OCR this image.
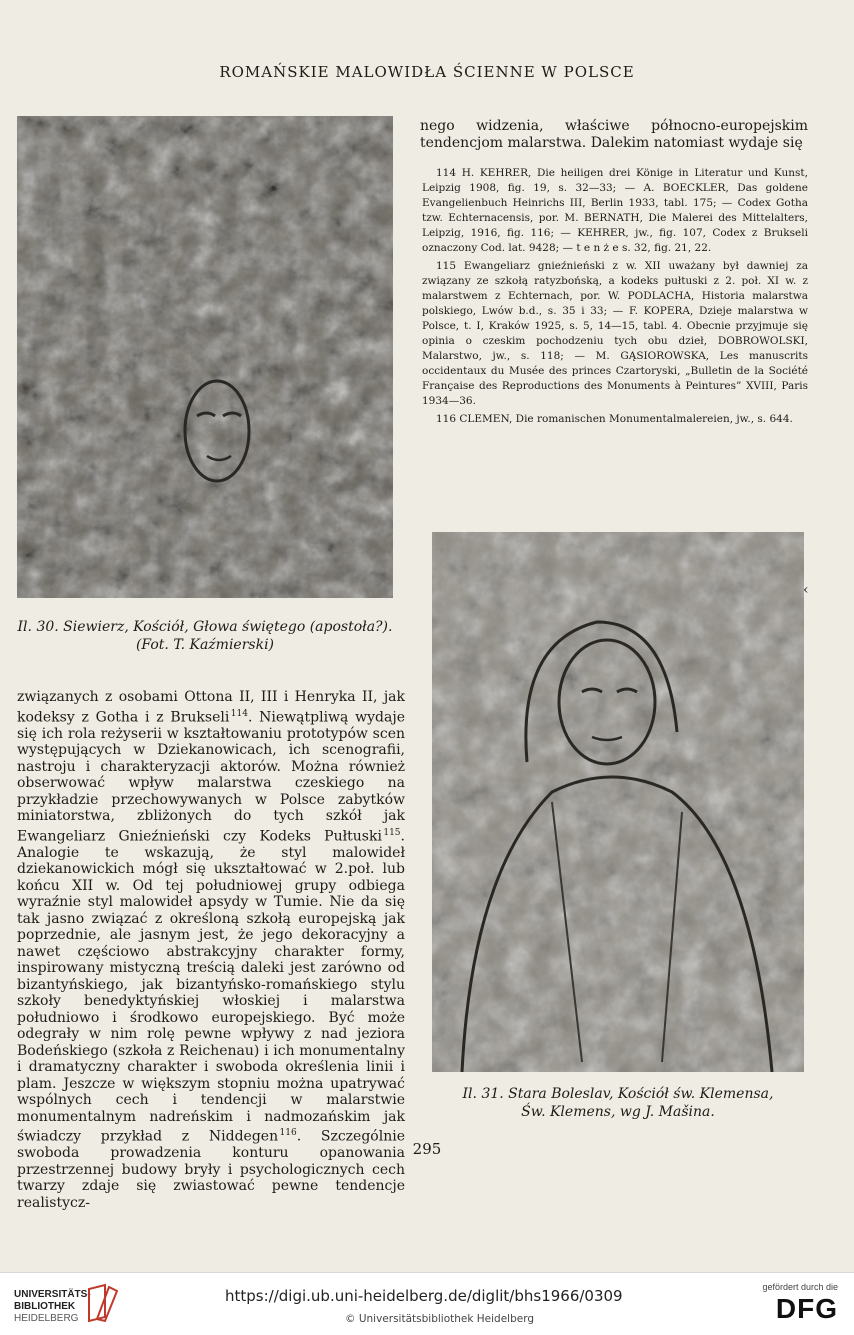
ROMAŃSKIE MALOWIDŁA ŚCIENNE W POLSCE
Il. 30. Siewierz, Kościół, Głowa świętego (apostoła?).
(Fot. T. Kaźmierski)
nego widzenia, właściwe północno-europejskim tendencjom malarstwa. Dalekim natomiast wydaje się

114 H. KEHRER, Die heiligen drei Könige in Literatur und Kunst, Leipzig 1908, fig. 19, s. 32—33; — A. BOECKLER, Das goldene Evangelienbuch Heinrichs III, Berlin 1933, tabl. 175; — Codex Gotha tzw. Echternacensis, por. M. BERNATH, Die Malerei des Mittelalters, Leipzig, 1916, fig. 116; — KEHRER, jw., fig. 107, Codex z Brukseli oznaczony Cod. lat. 9428; — t e n ż e s. 32, fig. 21, 22.

115 Ewangeliarz gnieźnieński z w. XII uważany był dawniej za związany ze szkołą ratyzbońską, a kodeks pułtuski z 2. poł. XI w. z malarstwem z Echternach, por. W. PODLACHA, Historia malarstwa polskiego, Lwów b.d., s. 35 i 33; — F. KOPERA, Dzieje malarstwa w Polsce, t. I, Kraków 1925, s. 5, 14—15, tabl. 4. Obecnie przyjmuje się opinia o czeskim pochodzeniu tych obu dzieł, DOBROWOLSKI, Malarstwo, jw., s. 118; — M. GĄSIOROWSKA, Les manuscrits occidentaux du Musée des princes Czartoryski, „Bulletin de la Société Française des Reproductions des Monuments à Peintures” XVIII, Paris 1934—36.

116 CLEMEN, Die romanischen Monumentalmalereien, jw., s. 644.

‹
Il. 31. Stara Boleslav, Kościół św. Klemensa,
Św. Klemens, wg J. Mašina.

związanych z osobami Ottona II, III i Henryka II, jak kodeksy z Gotha i z Brukseli $^{114}$. Niewątpliwą wydaje się ich rola reżyserii w kształtowaniu prototypów scen występujących w Dziekanowicach, ich scenografii, nastroju i charakteryzacji aktorów. Można również obserwować wpływ malarstwa czeskiego na przykładzie przechowywanych w Polsce zabytków miniatorstwa, zbliżonych do tych szkół jak Ewangeliarz Gnieźnieński czy Kodeks Pułtuski $^{115}$. Analogie te wskazują, że styl malowideł dziekanowickich mógł się ukształtować w 2.poł. lub końcu XII w. Od tej południowej grupy odbiega wyraźnie styl malowideł apsydy w Tumie. Nie da się tak jasno związać z określoną szkołą europejską jak poprzednie, ale jasnym jest, że jego dekoracyjny a nawet częściowo abstrakcyjny charakter formy, inspirowany mistyczną treścią daleki jest zarówno od bizantyńskiego, jak bizantyńsko-romańskiego stylu szkoły benedyktyńskiej włoskiej i malarstwa południowo i środkowo europejskiego. Być może odegrały w nim rolę pewne wpływy z nad jeziora Bodeńskiego (szkoła z Reichenau) i ich monumentalny i dramatyczny charakter i swoboda określenia linii i plam. Jeszcze w większym stopniu można upatrywać wspólnych cech i tendencji w malarstwie monumentalnym nadreńskim i nadmozańskim jak świadczy przykład z Niddegen $^{116}$. Szczególnie swoboda prowadzenia konturu opanowania przestrzennej budowy bryły i psychologicznych cech twarzy zdaje się zwiastować pewne tendencje realistycz-

295
UNIVERSITÄTS-
BIBLIOTHEK
HEIDELBERG
https://digi.ub.uni-heidelberg.de/diglit/bhs1966/0309
© Universitätsbibliothek Heidelberg
gefördert durch die
DFG
